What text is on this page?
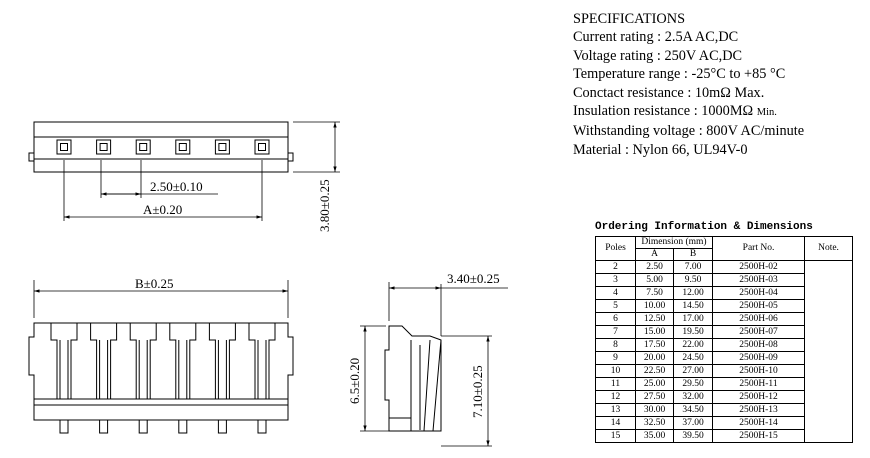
2.50±0.10
A±0.20	3.80±0.25
B±0.25	3.40±0.25
6.5±0.20	7.10±0.25
SPECIFICATIONS
Current rating : 2.5A AC,DC
Voltage rating : 250V AC,DC
Temperature range : -25°C to +85 °C
Conctact resistance : 10mΩ Max.
Insulation resistance : 1000MΩ Min.
Withstanding voltage : 800V AC/minute
Material : Nylon 66, UL94V-0
Ordering Information & Dimensions
Poles	Dimension (mm)		Part No.	Note.
	A	B		
2	2.50	7.00	2500H-02	
3	5.00	9.50	2500H-03	
4	7.50	12.00	2500H-04	
5	10.00	14.50	2500H-05	
6	12.50	17.00	2500H-06	
7	15.00	19.50	2500H-07	
8	17.50	22.00	2500H-08	
9	20.00	24.50	2500H-09	
10	22.50	27.00	2500H-10	
11	25.00	29.50	2500H-11	
12	27.50	32.00	2500H-12	
13	30.00	34.50	2500H-13	
14	32.50	37.00	2500H-14	
15	35.00	39.50	2500H-15	
